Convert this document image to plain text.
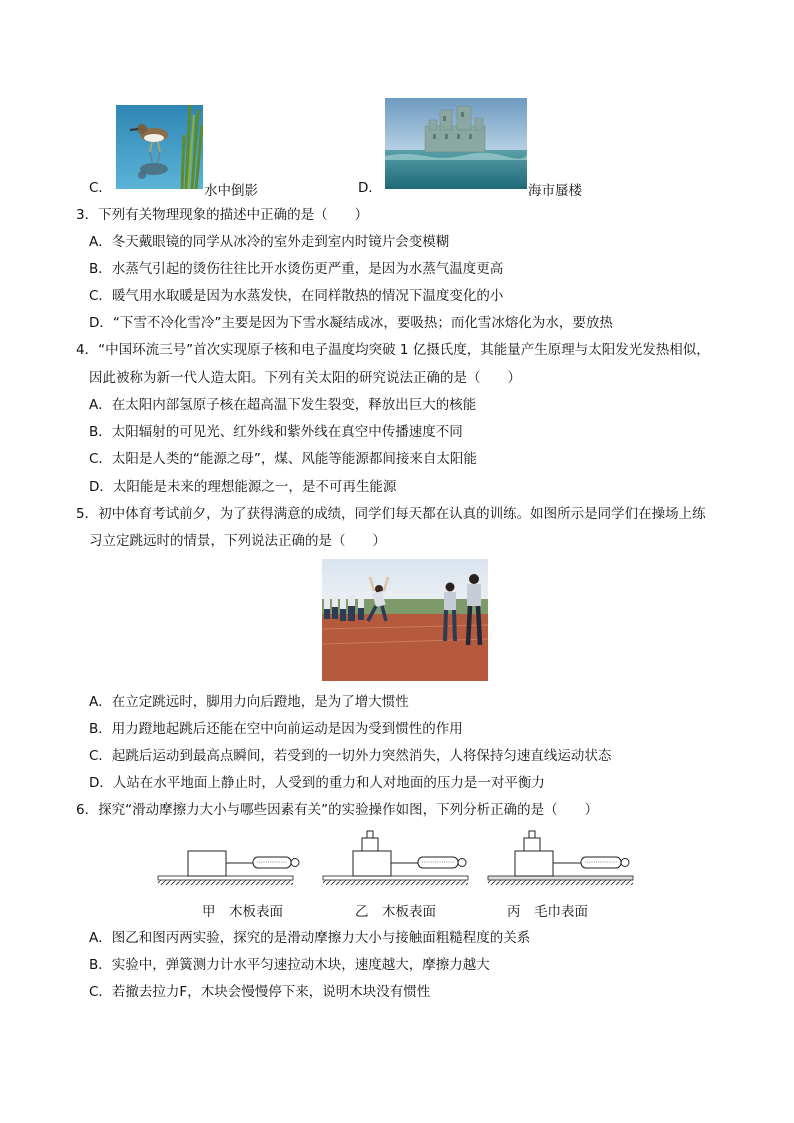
C．	水中倒影	D．	海市蜃楼
3．下列有关物理现象的描述中正确的是（　　）
A．冬天戴眼镜的同学从冰冷的室外走到室内时镜片会变模糊
B．水蒸气引起的烫伤往往比开水烫伤更严重，是因为水蒸气温度更高
C．暖气用水取暖是因为水蒸发快，在同样散热的情况下温度变化的小
D．“下雪不冷化雪冷”主要是因为下雪水凝结成冰，要吸热；而化雪冰熔化为水，要放热
4．“中国环流三号”首次实现原子核和电子温度均突破 1 亿摄氏度，其能量产生原理与太阳发光发热相似，
因此被称为新一代人造太阳。下列有关太阳的研究说法正确的是（　　）
A．在太阳内部氢原子核在超高温下发生裂变，释放出巨大的核能
B．太阳辐射的可见光、红外线和紫外线在真空中传播速度不同
C．太阳是人类的“能源之母”，煤、风能等能源都间接来自太阳能
D．太阳能是未来的理想能源之一，是不可再生能源
5．初中体育考试前夕，为了获得满意的成绩，同学们每天都在认真的训练。如图所示是同学们在操场上练
习立定跳远时的情景，下列说法正确的是（　　）
A．在立定跳远时，脚用力向后蹬地，是为了增大惯性
B．用力蹬地起跳后还能在空中向前运动是因为受到惯性的作用
C．起跳后运动到最高点瞬间，若受到的一切外力突然消失，人将保持匀速直线运动状态
D．人站在水平地面上静止时，人受到的重力和人对地面的压力是一对平衡力
6．探究“滑动摩擦力大小与哪些因素有关”的实验操作如图，下列分析正确的是（　　）
甲　木板表面	乙　木板表面	丙　毛巾表面
A．图乙和图丙两实验，探究的是滑动摩擦力大小与接触面粗糙程度的关系
B．实验中，弹簧测力计水平匀速拉动木块，速度越大，摩擦力越大
C．若撤去拉力F，木块会慢慢停下来，说明木块没有惯性
